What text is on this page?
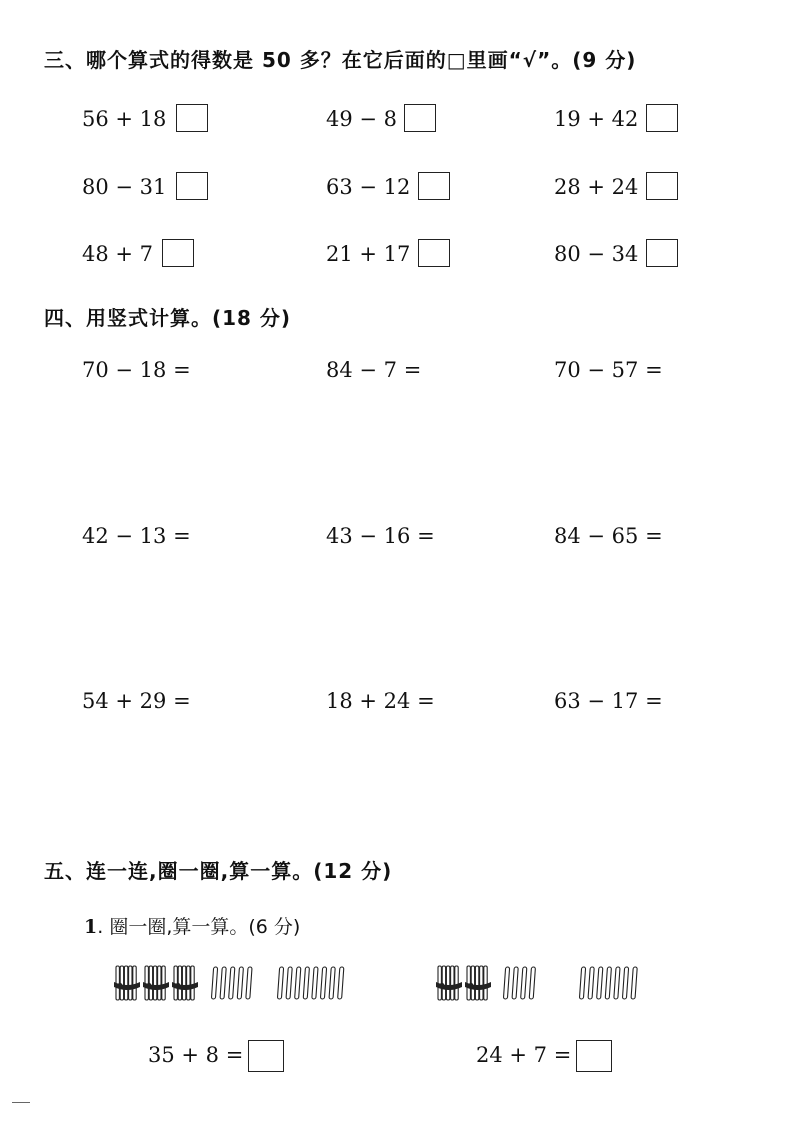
三、哪个算式的得数是 50 多？在它后面的□里画“√”。(9 分)
56 + 18	49 − 8	19 + 42
80 − 31	63 − 12	28 + 24
48 + 7	21 + 17	80 − 34
四、用竖式计算。(18 分)
70 − 18 =	84 − 7 =	70 − 57 =
42 − 13 =	43 − 16 =	84 − 65 =
54 + 29 =	18 + 24 =	63 − 17 =
五、连一连,圈一圈,算一算。(12 分)
1. 圈一圈,算一算。(6 分)
35 + 8 =	24 + 7 =
